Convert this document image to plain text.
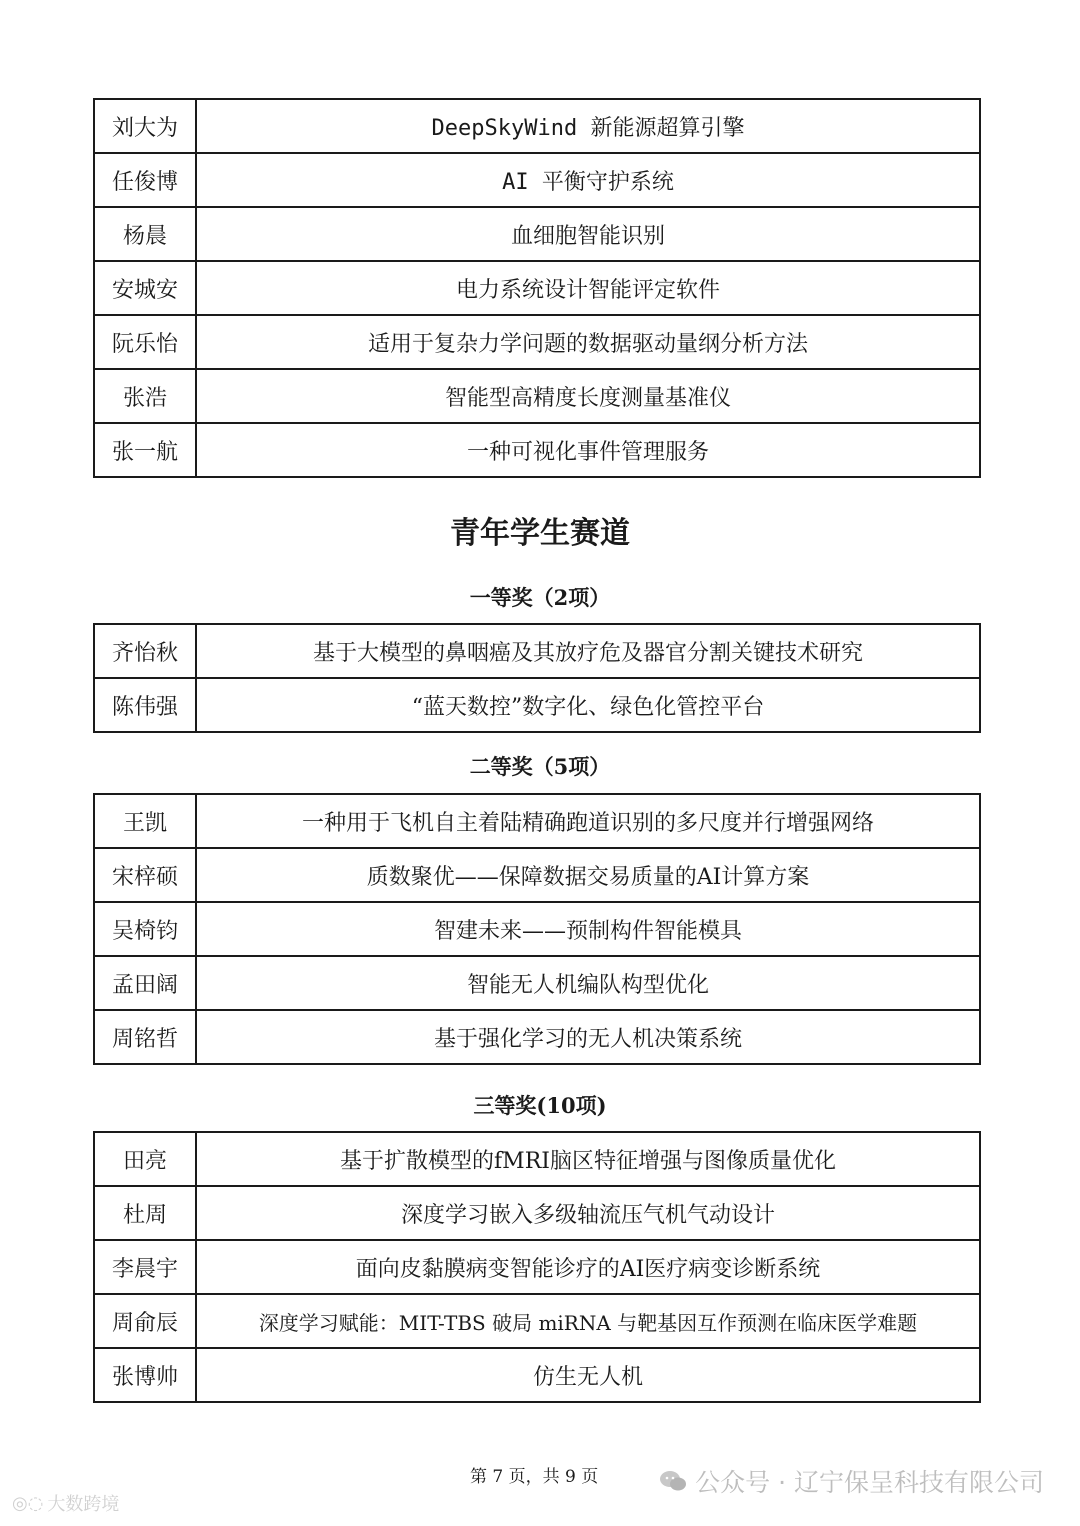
刘大为	DeepSkyWind 新能源超算引擎
任俊博	AI 平衡守护系统
杨晨	血细胞智能识别
安城安	电力系统设计智能评定软件
阮乐怡	适用于复杂力学问题的数据驱动量纲分析方法
张浩	智能型高精度长度测量基准仪
张一航	一种可视化事件管理服务
青年学生赛道
一等奖（2项）
齐怡秋	基于大模型的鼻咽癌及其放疗危及器官分割关键技术研究
陈伟强	“蓝天数控”数字化、绿色化管控平台
二等奖（5项）
王凯	一种用于飞机自主着陆精确跑道识别的多尺度并行增强网络
宋梓硕	质数聚优——保障数据交易质量的AI计算方案
吴椅钧	智建未来——预制构件智能模具
孟田阔	智能无人机编队构型优化
周铭哲	基于强化学习的无人机决策系统
三等奖(10项)
田亮	基于扩散模型的fMRI脑区特征增强与图像质量优化
杜周	深度学习嵌入多级轴流压气机气动设计
李晨宇	面向皮黏膜病变智能诊疗的AI医疗病变诊断系统
周俞辰	深度学习赋能：MIT-TBS 破局 miRNA 与靶基因互作预测在临床医学难题
张博帅	仿生无人机
第 7 页，共 9 页	公众号 · 辽宁保呈科技有限公司
◎◌ 大数跨境
